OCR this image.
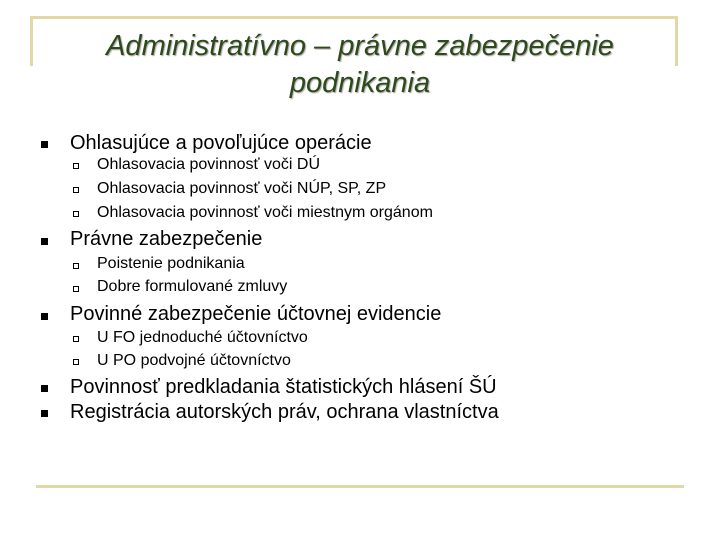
Administratívno – právne zabezpečenie
podnikania
Ohlasujúce a povoľujúce operácie
Ohlasovacia povinnosť voči DÚ
Ohlasovacia povinnosť voči NÚP, SP, ZP
Ohlasovacia povinnosť voči miestnym orgánom
Právne zabezpečenie
Poistenie podnikania
Dobre formulované zmluvy
Povinné zabezpečenie účtovnej evidencie
U FO jednoduché účtovníctvo
U PO podvojné účtovníctvo
Povinnosť predkladania štatistických hlásení ŠÚ
Registrácia autorských práv, ochrana vlastníctva
